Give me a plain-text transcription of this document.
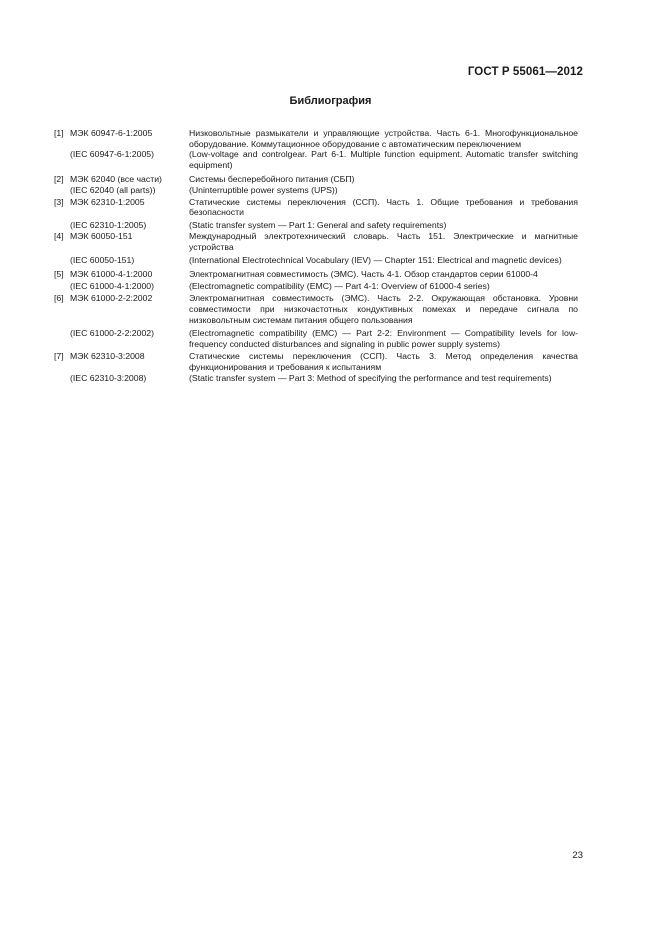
ГОСТ Р 55061—2012
Библиография
[1] МЭК 60947-6-1:2005	Низковольтные размыкатели и управляющие устройства. Часть 6-1. Многофункциональное оборудование. Коммутационное оборудование с автоматическим переключением
(IEC 60947-6-1:2005)	(Low-voltage and controlgear. Part 6-1. Multiple function equipment. Automatic transfer switching equipment)
[2] МЭК 62040 (все части)	Системы бесперебойного питания (СБП)
(IEC 62040 (all parts))	(Uninterruptible power systems (UPS))
[3] МЭК 62310-1:2005	Статические системы переключения (ССП). Часть 1. Общие требования и требования безопасности
(IEC 62310-1:2005)	(Static transfer system — Part 1: General and safety requirements)
[4] МЭК 60050-151	Международный электротехнический словарь. Часть 151. Электрические и магнитные устройства
(IEC 60050-151)	(International Electrotechnical Vocabulary (IEV) — Chapter 151: Electrical and magnetic devices)
[5] МЭК 61000-4-1:2000	Электромагнитная совместимость (ЭМС). Часть 4-1. Обзор стандартов серии 61000-4
(IEC 61000-4-1:2000)	(Electromagnetic compatibility (EMC) — Part 4-1: Overview of 61000-4 series)
[6] МЭК 61000-2-2:2002	Электромагнитная совместимость (ЭМС). Часть 2-2. Окружающая обстановка. Уровни совместимости при низкочастотных кондуктивных помехах и передаче сигнала по низковольтным системам питания общего пользования
(IEC 61000-2-2:2002)	(Electromagnetic compatibility (EMC) — Part 2-2: Environment — Compatibility levels for low-frequency conducted disturbances and signaling in public power supply systems)
[7] МЭК 62310-3:2008	Статические системы переключения (ССП). Часть 3. Метод определения качества функционирования и требования к испытаниям
(IEC 62310-3:2008)	(Static transfer system — Part 3: Method of specifying the performance and test requirements)
23
